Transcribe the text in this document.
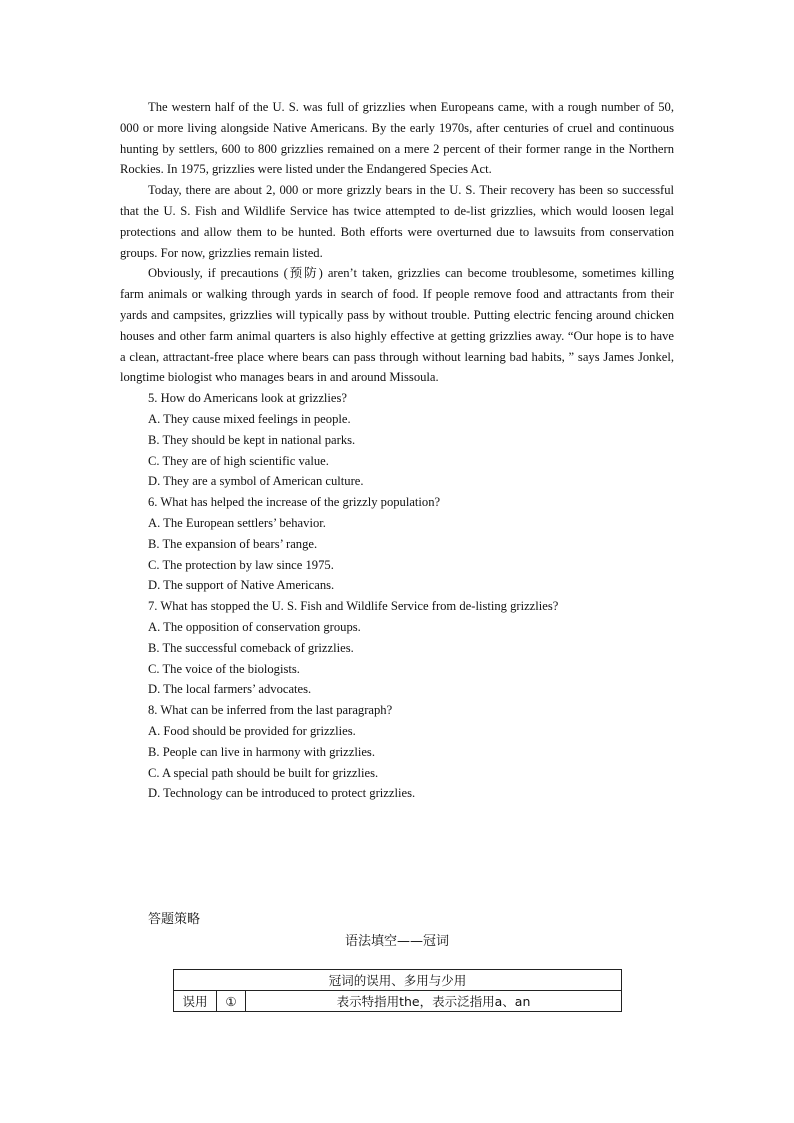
The western half of the U. S. was full of grizzlies when Europeans came, with a rough number of 50, 000 or more living alongside Native Americans. By the early 1970s, after centuries of cruel and continuous hunting by settlers, 600 to 800 grizzlies remained on a mere 2 percent of their former range in the Northern Rockies. In 1975, grizzlies were listed under the Endangered Species Act.

Today, there are about 2, 000 or more grizzly bears in the U. S. Their recovery has been so successful that the U. S. Fish and Wildlife Service has twice attempted to de-list grizzlies, which would loosen legal protections and allow them to be hunted. Both efforts were overturned due to lawsuits from conservation groups. For now, grizzlies remain listed.

Obviously, if precautions (预防) aren’t taken, grizzlies can become troublesome, sometimes killing farm animals or walking through yards in search of food. If people remove food and attractants from their yards and campsites, grizzlies will typically pass by without trouble. Putting electric fencing around chicken houses and other farm animal quarters is also highly effective at getting grizzlies away. “Our hope is to have a clean, attractant-free place where bears can pass through without learning bad habits, ” says James Jonkel, longtime biologist who manages bears in and around Missoula.

5. How do Americans look at grizzlies?

A. They cause mixed feelings in people.

B. They should be kept in national parks.

C. They are of high scientific value.

D. They are a symbol of American culture.

6. What has helped the increase of the grizzly population?

A. The European settlers’ behavior.

B. The expansion of bears’ range.

C. The protection by law since 1975.

D. The support of Native Americans.

7. What has stopped the U. S. Fish and Wildlife Service from de-listing grizzlies?

A. The opposition of conservation groups.

B. The successful comeback of grizzlies.

C. The voice of the biologists.

D. The local farmers’ advocates.

8. What can be inferred from the last paragraph?

A. Food should be provided for grizzlies.

B. People can live in harmony with grizzlies.

C. A special path should be built for grizzlies.

D. Technology can be introduced to protect grizzlies.

答题策略
语法填空——冠词
冠词的误用、多用与少用
误用	①	表示特指用the，表示泛指用a、an
